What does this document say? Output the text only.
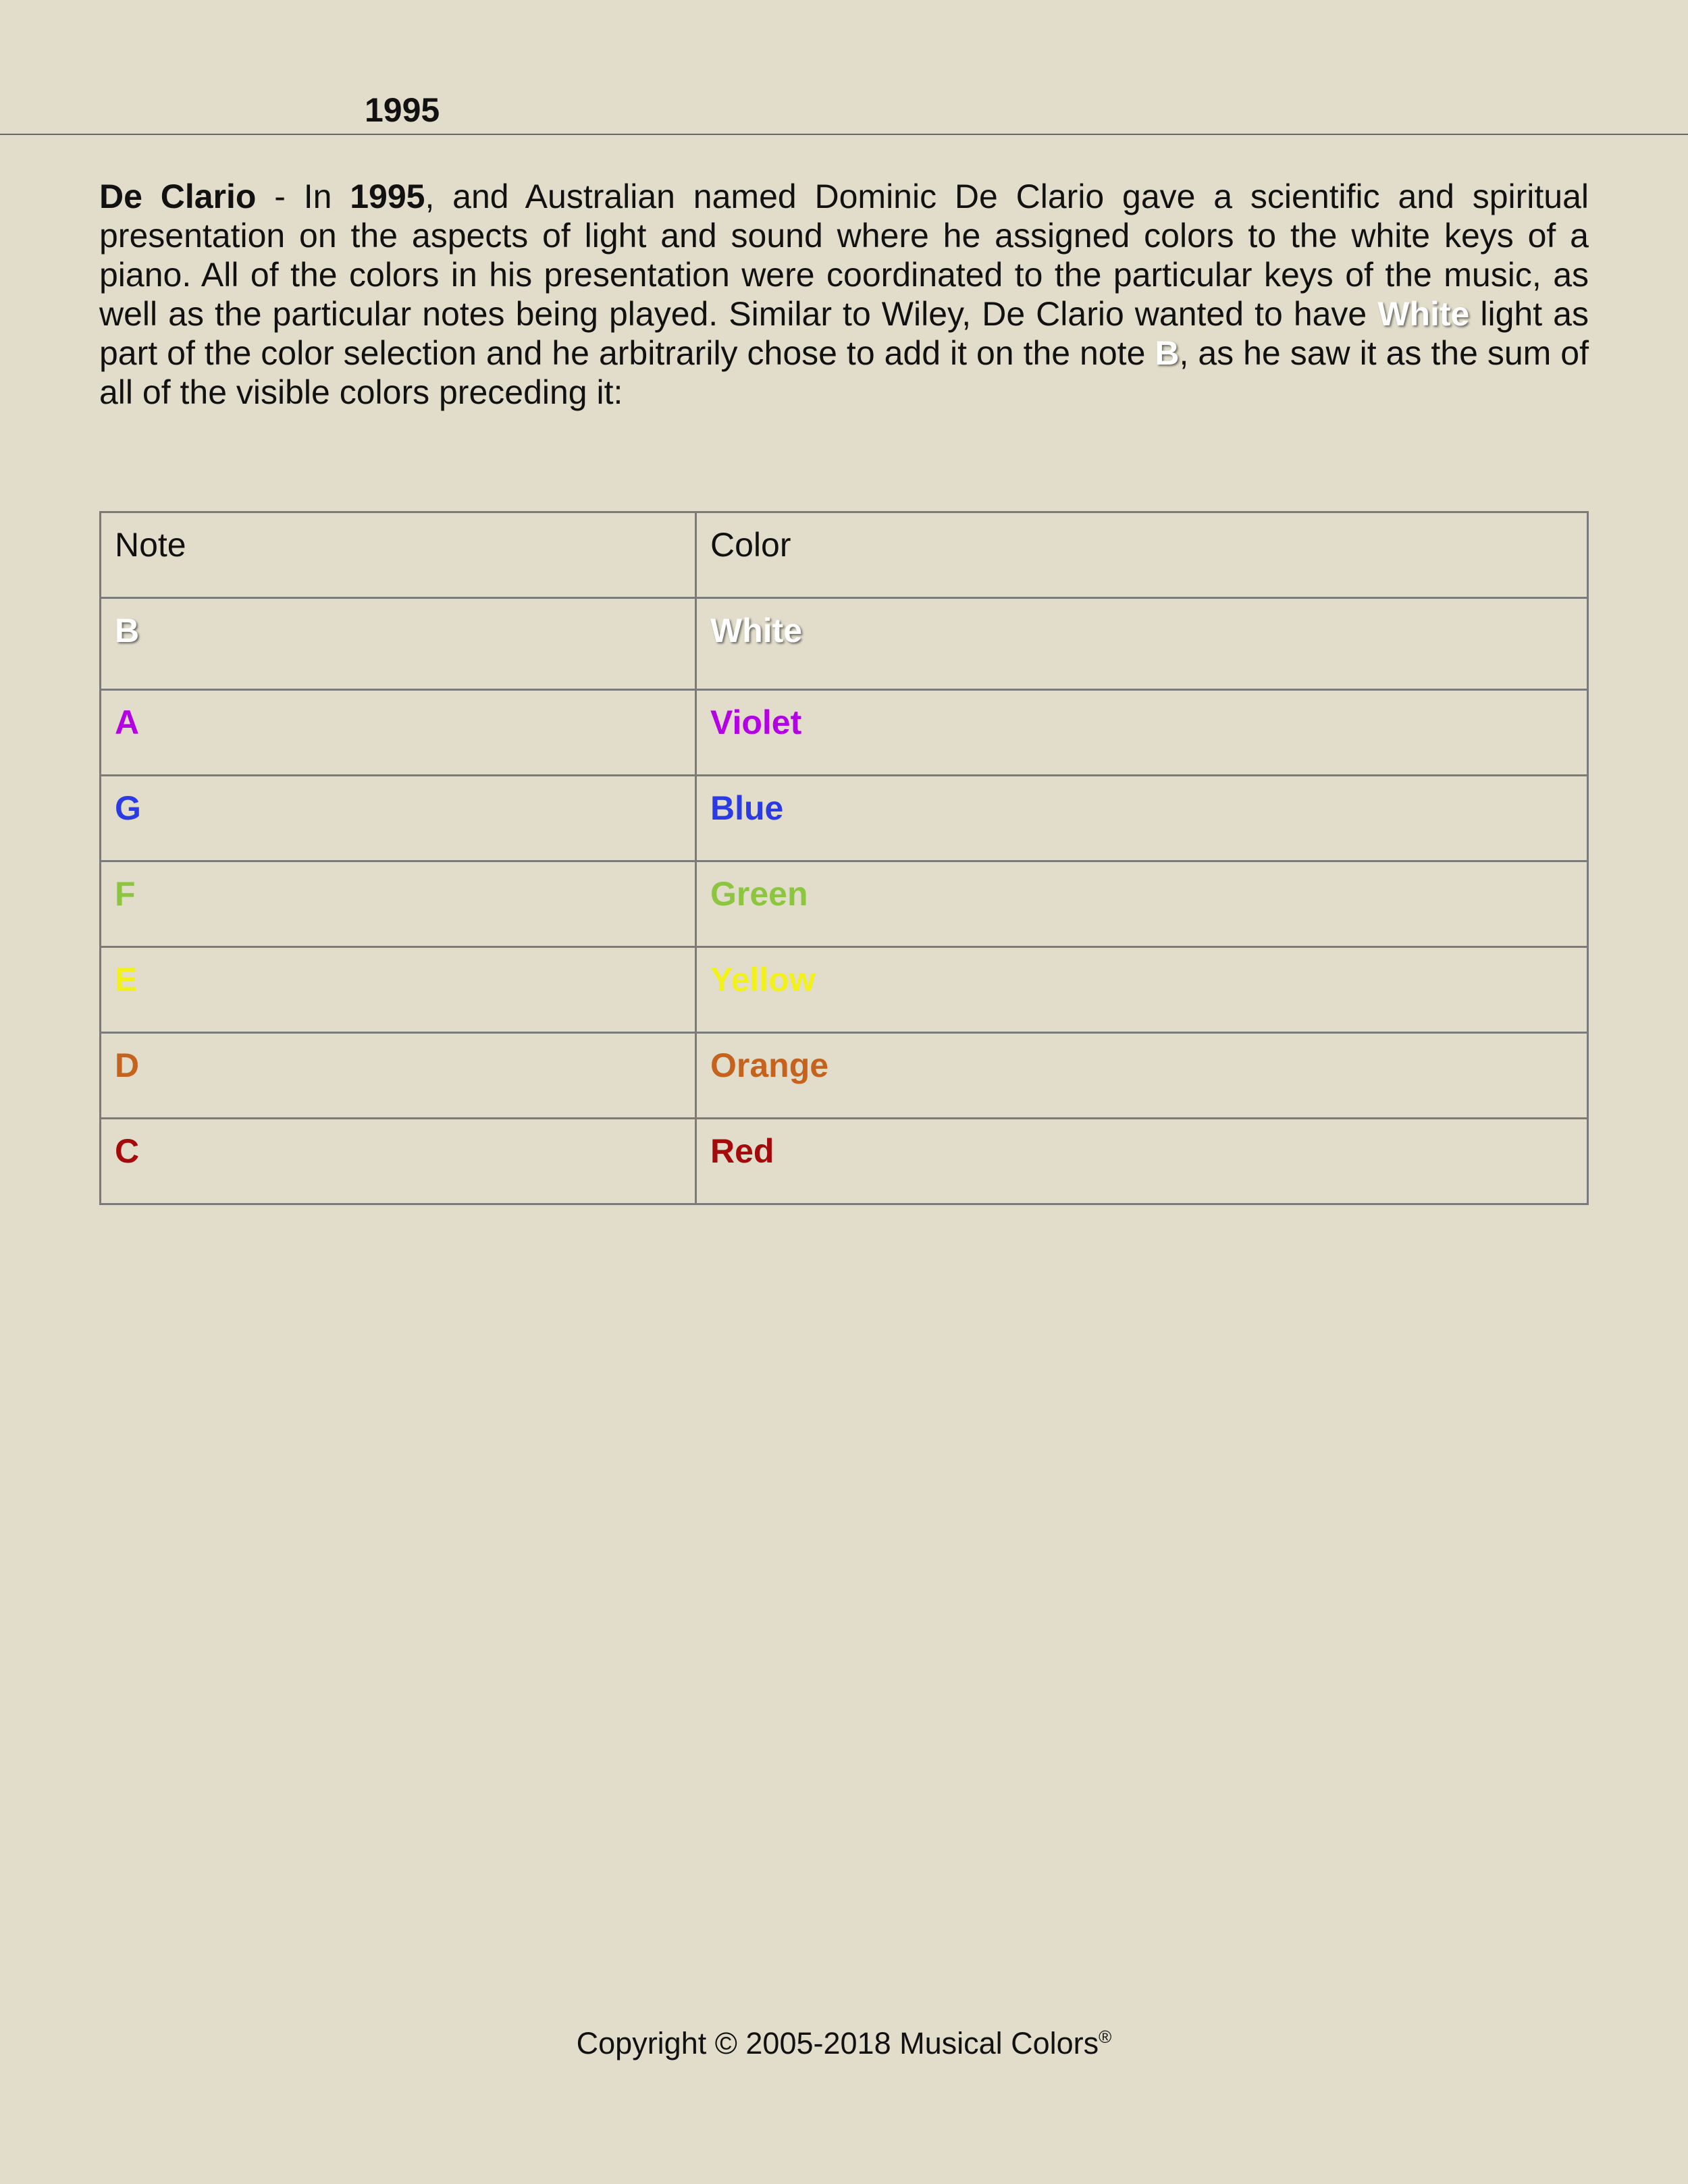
1995

De Clario - In 1995, and Australian named Dominic De Clario gave a scientific and spiritual presentation on the aspects of light and sound where he assigned colors to the white keys of a piano. All of the colors in his presentation were coordinated to the particular keys of the music, as well as the particular notes being played. Similar to Wiley, De Clario wanted to have White light as part of the color selection and he arbitrarily chose to add it on the note B, as he saw it as the sum of all of the visible colors preceding it:

Note	Color
B	White
A	Violet
G	Blue
F	Green
E	Yellow
D	Orange
C	Red
Copyright © 2005-2018 Musical Colors®
